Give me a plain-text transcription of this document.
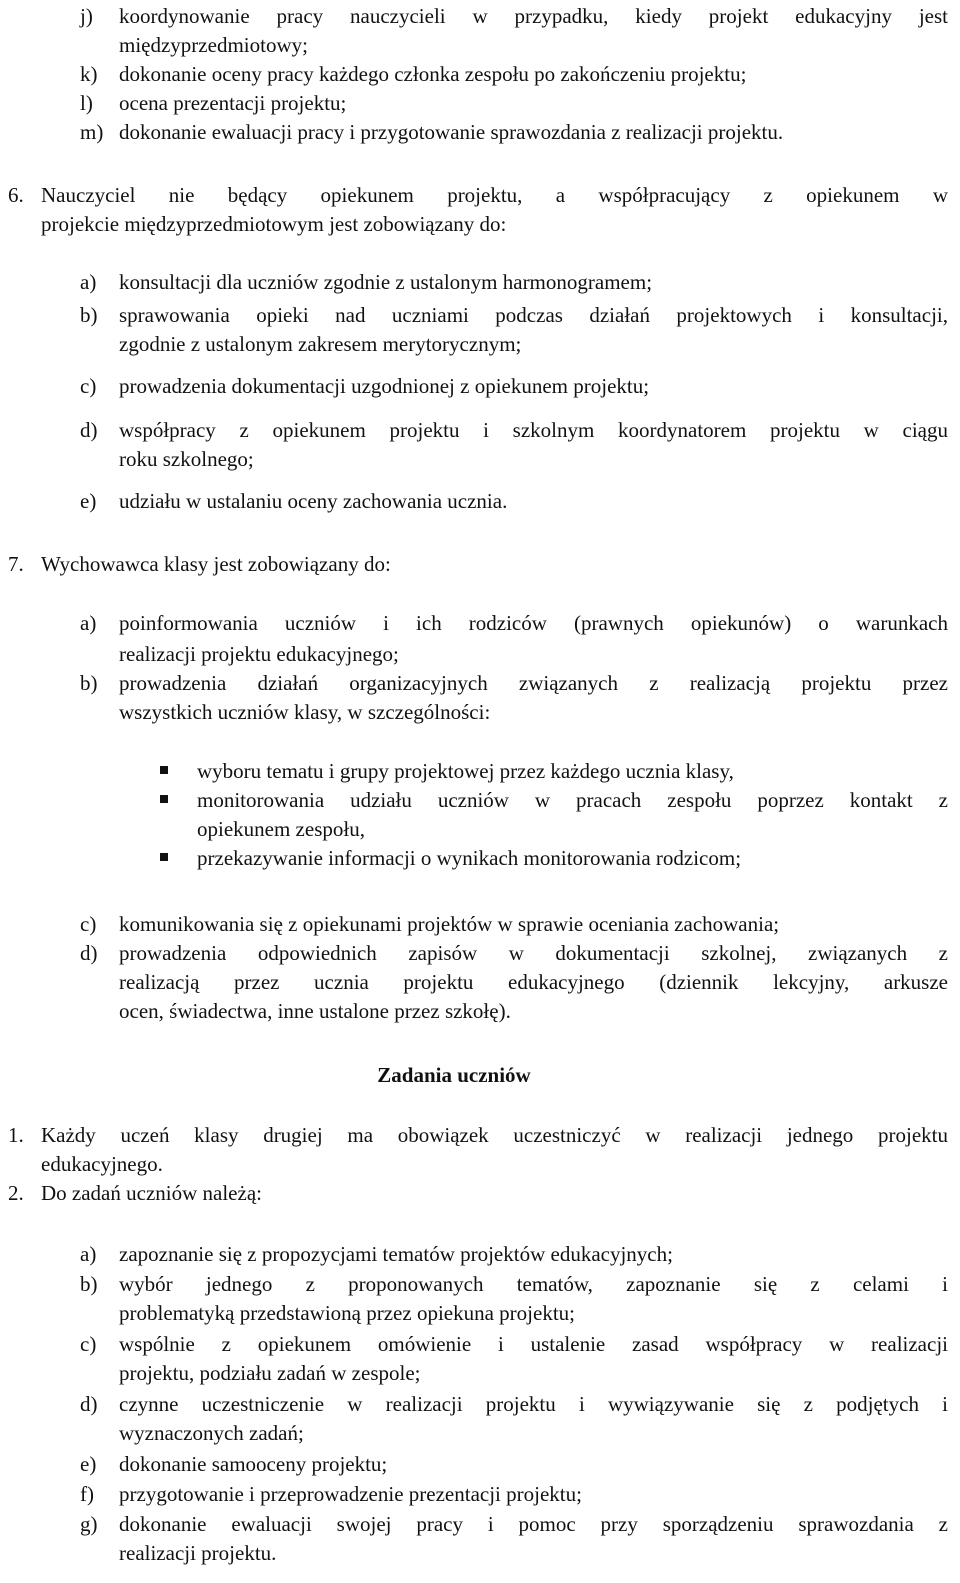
j) koordynowanie pracy nauczycieli w przypadku, kiedy projekt edukacyjny jest
międzyprzedmiotowy;
k) dokonanie oceny pracy każdego członka zespołu po zakończeniu projektu;
l) ocena prezentacji projektu;
m) dokonanie ewaluacji pracy i przygotowanie sprawozdania z realizacji projektu.
6. Nauczyciel nie będący opiekunem projektu, a współpracujący z opiekunem w
projekcie międzyprzedmiotowym jest zobowiązany do:
a) konsultacji dla uczniów zgodnie z ustalonym harmonogramem;
b) sprawowania opieki nad uczniami podczas działań projektowych i konsultacji,
zgodnie z ustalonym zakresem merytorycznym;
c) prowadzenia dokumentacji uzgodnionej z opiekunem projektu;
d) współpracy z opiekunem projektu i szkolnym koordynatorem projektu w ciągu
roku szkolnego;
e) udziału w ustalaniu oceny zachowania ucznia.
7. Wychowawca klasy jest zobowiązany do:
a) poinformowania uczniów i ich rodziców (prawnych opiekunów) o warunkach
realizacji projektu edukacyjnego;
b) prowadzenia działań organizacyjnych związanych z realizacją projektu przez
wszystkich uczniów klasy, w szczególności:
wyboru tematu i grupy projektowej przez każdego ucznia klasy,
monitorowania udziału uczniów w pracach zespołu poprzez kontakt z
opiekunem zespołu,
przekazywanie informacji o wynikach monitorowania rodzicom;
c) komunikowania się z opiekunami projektów w sprawie oceniania zachowania;
d) prowadzenia odpowiednich zapisów w dokumentacji szkolnej, związanych z
realizacją przez ucznia projektu edukacyjnego (dziennik lekcyjny, arkusze
ocen, świadectwa, inne ustalone przez szkołę).
Zadania uczniów
1. Każdy uczeń klasy drugiej ma obowiązek uczestniczyć w realizacji jednego projektu
edukacyjnego.
2. Do zadań uczniów należą:
a) zapoznanie się z propozycjami tematów projektów edukacyjnych;
b) wybór jednego z proponowanych tematów, zapoznanie się z celami i
problematyką przedstawioną przez opiekuna projektu;
c) wspólnie z opiekunem omówienie i ustalenie zasad współpracy w realizacji
projektu, podziału zadań w zespole;
d) czynne uczestniczenie w realizacji projektu i wywiązywanie się z podjętych i
wyznaczonych zadań;
e) dokonanie samooceny projektu;
f) przygotowanie i przeprowadzenie prezentacji projektu;
g) dokonanie ewaluacji swojej pracy i pomoc przy sporządzeniu sprawozdania z
realizacji projektu.
